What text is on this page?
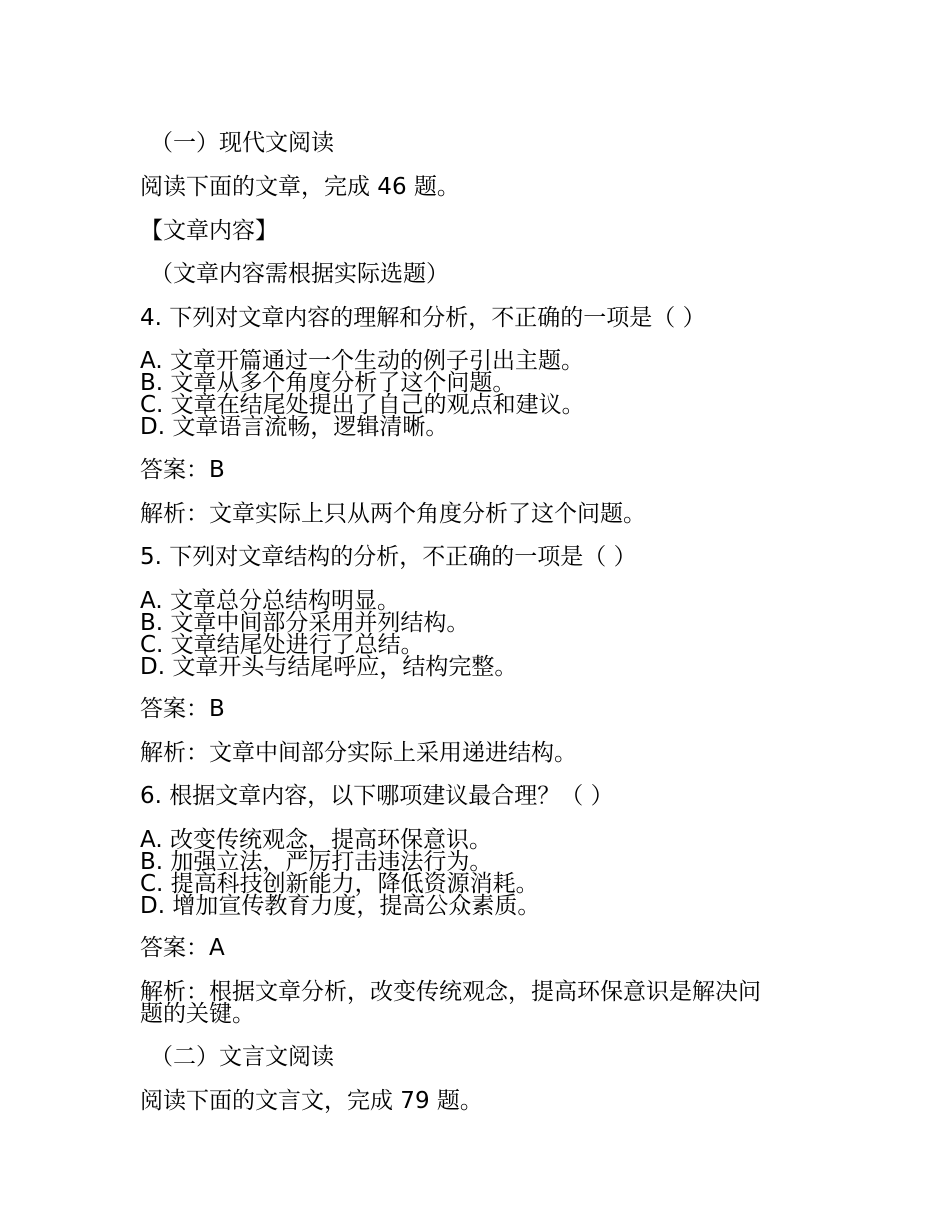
（一）现代文阅读
阅读下面的文章，完成 46 题。
【文章内容】
（文章内容需根据实际选题）
4. 下列对文章内容的理解和分析，不正确的一项是（ ）
A. 文章开篇通过一个生动的例子引出主题。
B. 文章从多个角度分析了这个问题。
C. 文章在结尾处提出了自己的观点和建议。
D. 文章语言流畅，逻辑清晰。
答案：B
解析：文章实际上只从两个角度分析了这个问题。
5. 下列对文章结构的分析，不正确的一项是（ ）
A. 文章总分总结构明显。
B. 文章中间部分采用并列结构。
C. 文章结尾处进行了总结。
D. 文章开头与结尾呼应，结构完整。
答案：B
解析：文章中间部分实际上采用递进结构。
6. 根据文章内容，以下哪项建议最合理？（ ）
A. 改变传统观念，提高环保意识。
B. 加强立法，严厉打击违法行为。
C. 提高科技创新能力，降低资源消耗。
D. 增加宣传教育力度，提高公众素质。
答案：A
解析：根据文章分析，改变传统观念，提高环保意识是解决问
题的关键。
（二）文言文阅读
阅读下面的文言文，完成 79 题。
